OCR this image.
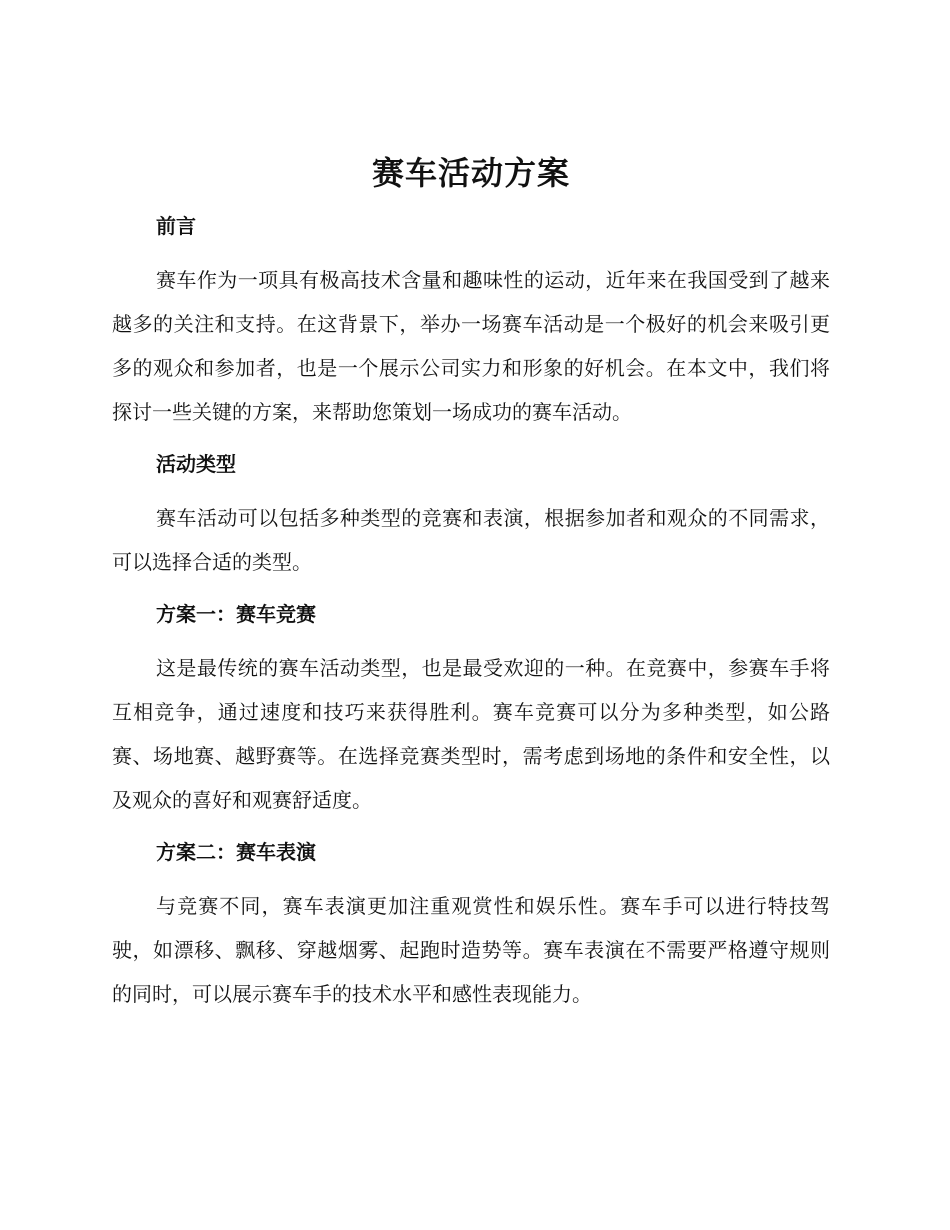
赛车活动方案
前言

赛车作为一项具有极高技术含量和趣味性的运动，近年来在我国受到了越来越多的关注和支持。在这背景下，举办一场赛车活动是一个极好的机会来吸引更多的观众和参加者，也是一个展示公司实力和形象的好机会。在本文中，我们将探讨一些关键的方案，来帮助您策划一场成功的赛车活动。

活动类型

赛车活动可以包括多种类型的竞赛和表演，根据参加者和观众的不同需求，可以选择合适的类型。

方案一：赛车竞赛

这是最传统的赛车活动类型，也是最受欢迎的一种。在竞赛中，参赛车手将互相竞争，通过速度和技巧来获得胜利。赛车竞赛可以分为多种类型，如公路赛、场地赛、越野赛等。在选择竞赛类型时，需考虑到场地的条件和安全性，以及观众的喜好和观赛舒适度。

方案二：赛车表演

与竞赛不同，赛车表演更加注重观赏性和娱乐性。赛车手可以进行特技驾驶，如漂移、飘移、穿越烟雾、起跑时造势等。赛车表演在不需要严格遵守规则的同时，可以展示赛车手的技术水平和感性表现能力。
